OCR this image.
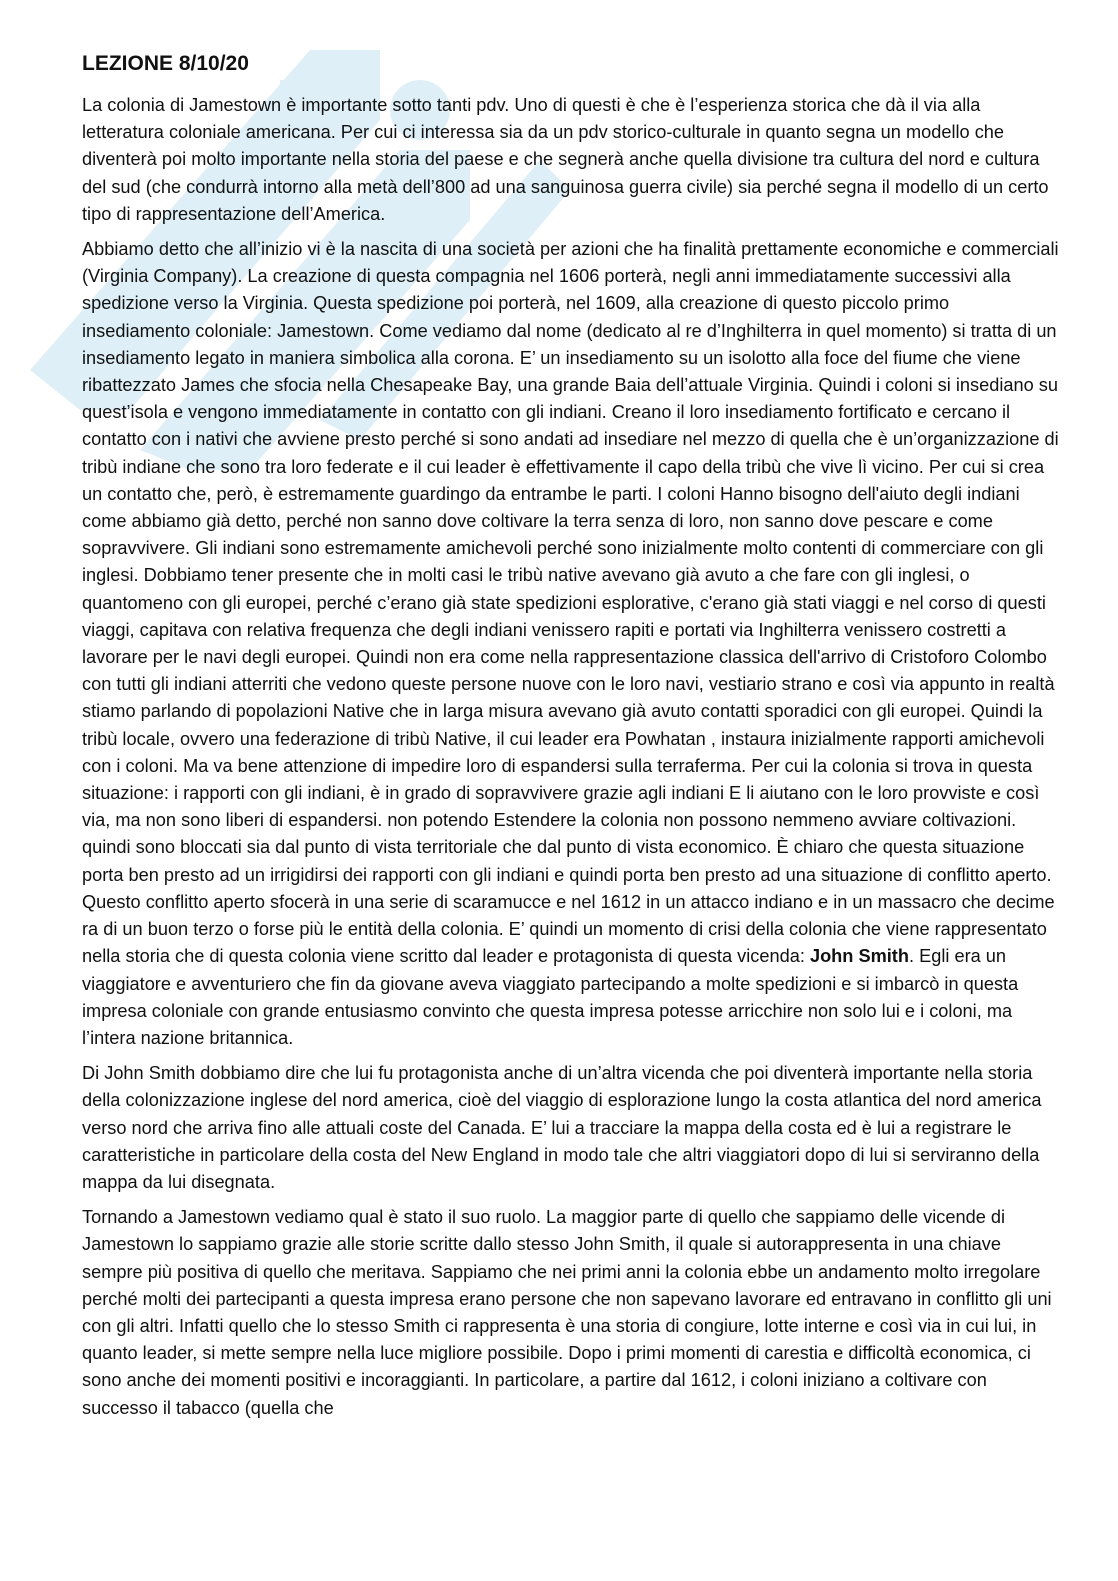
LEZIONE 8/10/20

La colonia di Jamestown è importante sotto tanti pdv. Uno di questi è che è l’esperienza storica che dà il via alla letteratura coloniale americana. Per cui ci interessa sia da un pdv storico-culturale in quanto segna un modello che diventerà poi molto importante nella storia del paese e che segnerà anche quella divisione tra cultura del nord e cultura del sud (che condurrà intorno alla metà dell’800 ad una sanguinosa guerra civile) sia perché segna il modello di un certo tipo di rappresentazione dell’America.

Abbiamo detto che all’inizio vi è la nascita di una società per azioni che ha finalità prettamente economiche e commerciali (Virginia Company). La creazione di questa compagnia nel 1606 porterà, negli anni immediatamente successivi alla spedizione verso la Virginia. Questa spedizione poi porterà, nel 1609, alla creazione di questo piccolo primo insediamento coloniale: Jamestown. Come vediamo dal nome (dedicato al re d’Inghilterra in quel momento) si tratta di un insediamento legato in maniera simbolica alla corona. E’ un insediamento su un isolotto alla foce del fiume che viene ribattezzato James che sfocia nella Chesapeake Bay, una grande Baia dell’attuale Virginia. Quindi i coloni si insediano su quest’isola e vengono immediatamente in contatto con gli indiani. Creano il loro insediamento fortificato e cercano il contatto con i nativi che avviene presto perché si sono andati ad insediare nel mezzo di quella che è un’organizzazione di tribù indiane che sono tra loro federate e il cui leader è effettivamente il capo della tribù che vive lì vicino. Per cui si crea un contatto che, però, è estremamente guardingo da entrambe le parti. I coloni Hanno bisogno dell'aiuto degli indiani come abbiamo già detto, perché non sanno dove coltivare la terra senza di loro, non sanno dove pescare e come sopravvivere. Gli indiani sono estremamente amichevoli perché sono inizialmente molto contenti di commerciare con gli inglesi. Dobbiamo tener presente che in molti casi le tribù native avevano già avuto a che fare con gli inglesi, o quantomeno con gli europei, perché c’erano già state spedizioni esplorative, c'erano già stati viaggi e nel corso di questi viaggi, capitava con relativa frequenza che degli indiani venissero rapiti e portati via Inghilterra venissero costretti a lavorare per le navi degli europei. Quindi non era come nella rappresentazione classica dell'arrivo di Cristoforo Colombo con tutti gli indiani atterriti che vedono queste persone nuove con le loro navi, vestiario strano e così via appunto in realtà stiamo parlando di popolazioni Native che in larga misura avevano già avuto contatti sporadici con gli europei. Quindi la tribù locale, ovvero una federazione di tribù Native, il cui leader era Powhatan , instaura inizialmente rapporti amichevoli con i coloni. Ma va bene attenzione di impedire loro di espandersi sulla terraferma. Per cui la colonia si trova in questa situazione: i rapporti con gli indiani, è in grado di sopravvivere grazie agli indiani E li aiutano con le loro provviste e così via, ma non sono liberi di espandersi. non potendo Estendere la colonia non possono nemmeno avviare coltivazioni. quindi sono bloccati sia dal punto di vista territoriale che dal punto di vista economico. È chiaro che questa situazione porta ben presto ad un irrigidirsi dei rapporti con gli indiani e quindi porta ben presto ad una situazione di conflitto aperto. Questo conflitto aperto sfocerà in una serie di scaramucce e nel 1612 in un attacco indiano e in un massacro che decime ra di un buon terzo o forse più le entità della colonia. E’ quindi un momento di crisi della colonia che viene rappresentato nella storia che di questa colonia viene scritto dal leader e protagonista di questa vicenda: John Smith. Egli era un viaggiatore e avventuriero che fin da giovane aveva viaggiato partecipando a molte spedizioni e si imbarcò in questa impresa coloniale con grande entusiasmo convinto che questa impresa potesse arricchire non solo lui e i coloni, ma l’intera nazione britannica.

Di John Smith dobbiamo dire che lui fu protagonista anche di un’altra vicenda che poi diventerà importante nella storia della colonizzazione inglese del nord america, cioè del viaggio di esplorazione lungo la costa atlantica del nord america verso nord che arriva fino alle attuali coste del Canada. E’ lui a tracciare la mappa della costa ed è lui a registrare le caratteristiche in particolare della costa del New England in modo tale che altri viaggiatori dopo di lui si serviranno della mappa da lui disegnata.

Tornando a Jamestown vediamo qual è stato il suo ruolo. La maggior parte di quello che sappiamo delle vicende di Jamestown lo sappiamo grazie alle storie scritte dallo stesso John Smith, il quale si autorappresenta in una chiave sempre più positiva di quello che meritava. Sappiamo che nei primi anni la colonia ebbe un andamento molto irregolare perché molti dei partecipanti a questa impresa erano persone che non sapevano lavorare ed entravano in conflitto gli uni con gli altri. Infatti quello che lo stesso Smith ci rappresenta è una storia di congiure, lotte interne e così via in cui lui, in quanto leader, si mette sempre nella luce migliore possibile. Dopo i primi momenti di carestia e difficoltà economica, ci sono anche dei momenti positivi e incoraggianti. In particolare, a partire dal 1612, i coloni iniziano a coltivare con successo il tabacco (quella che
